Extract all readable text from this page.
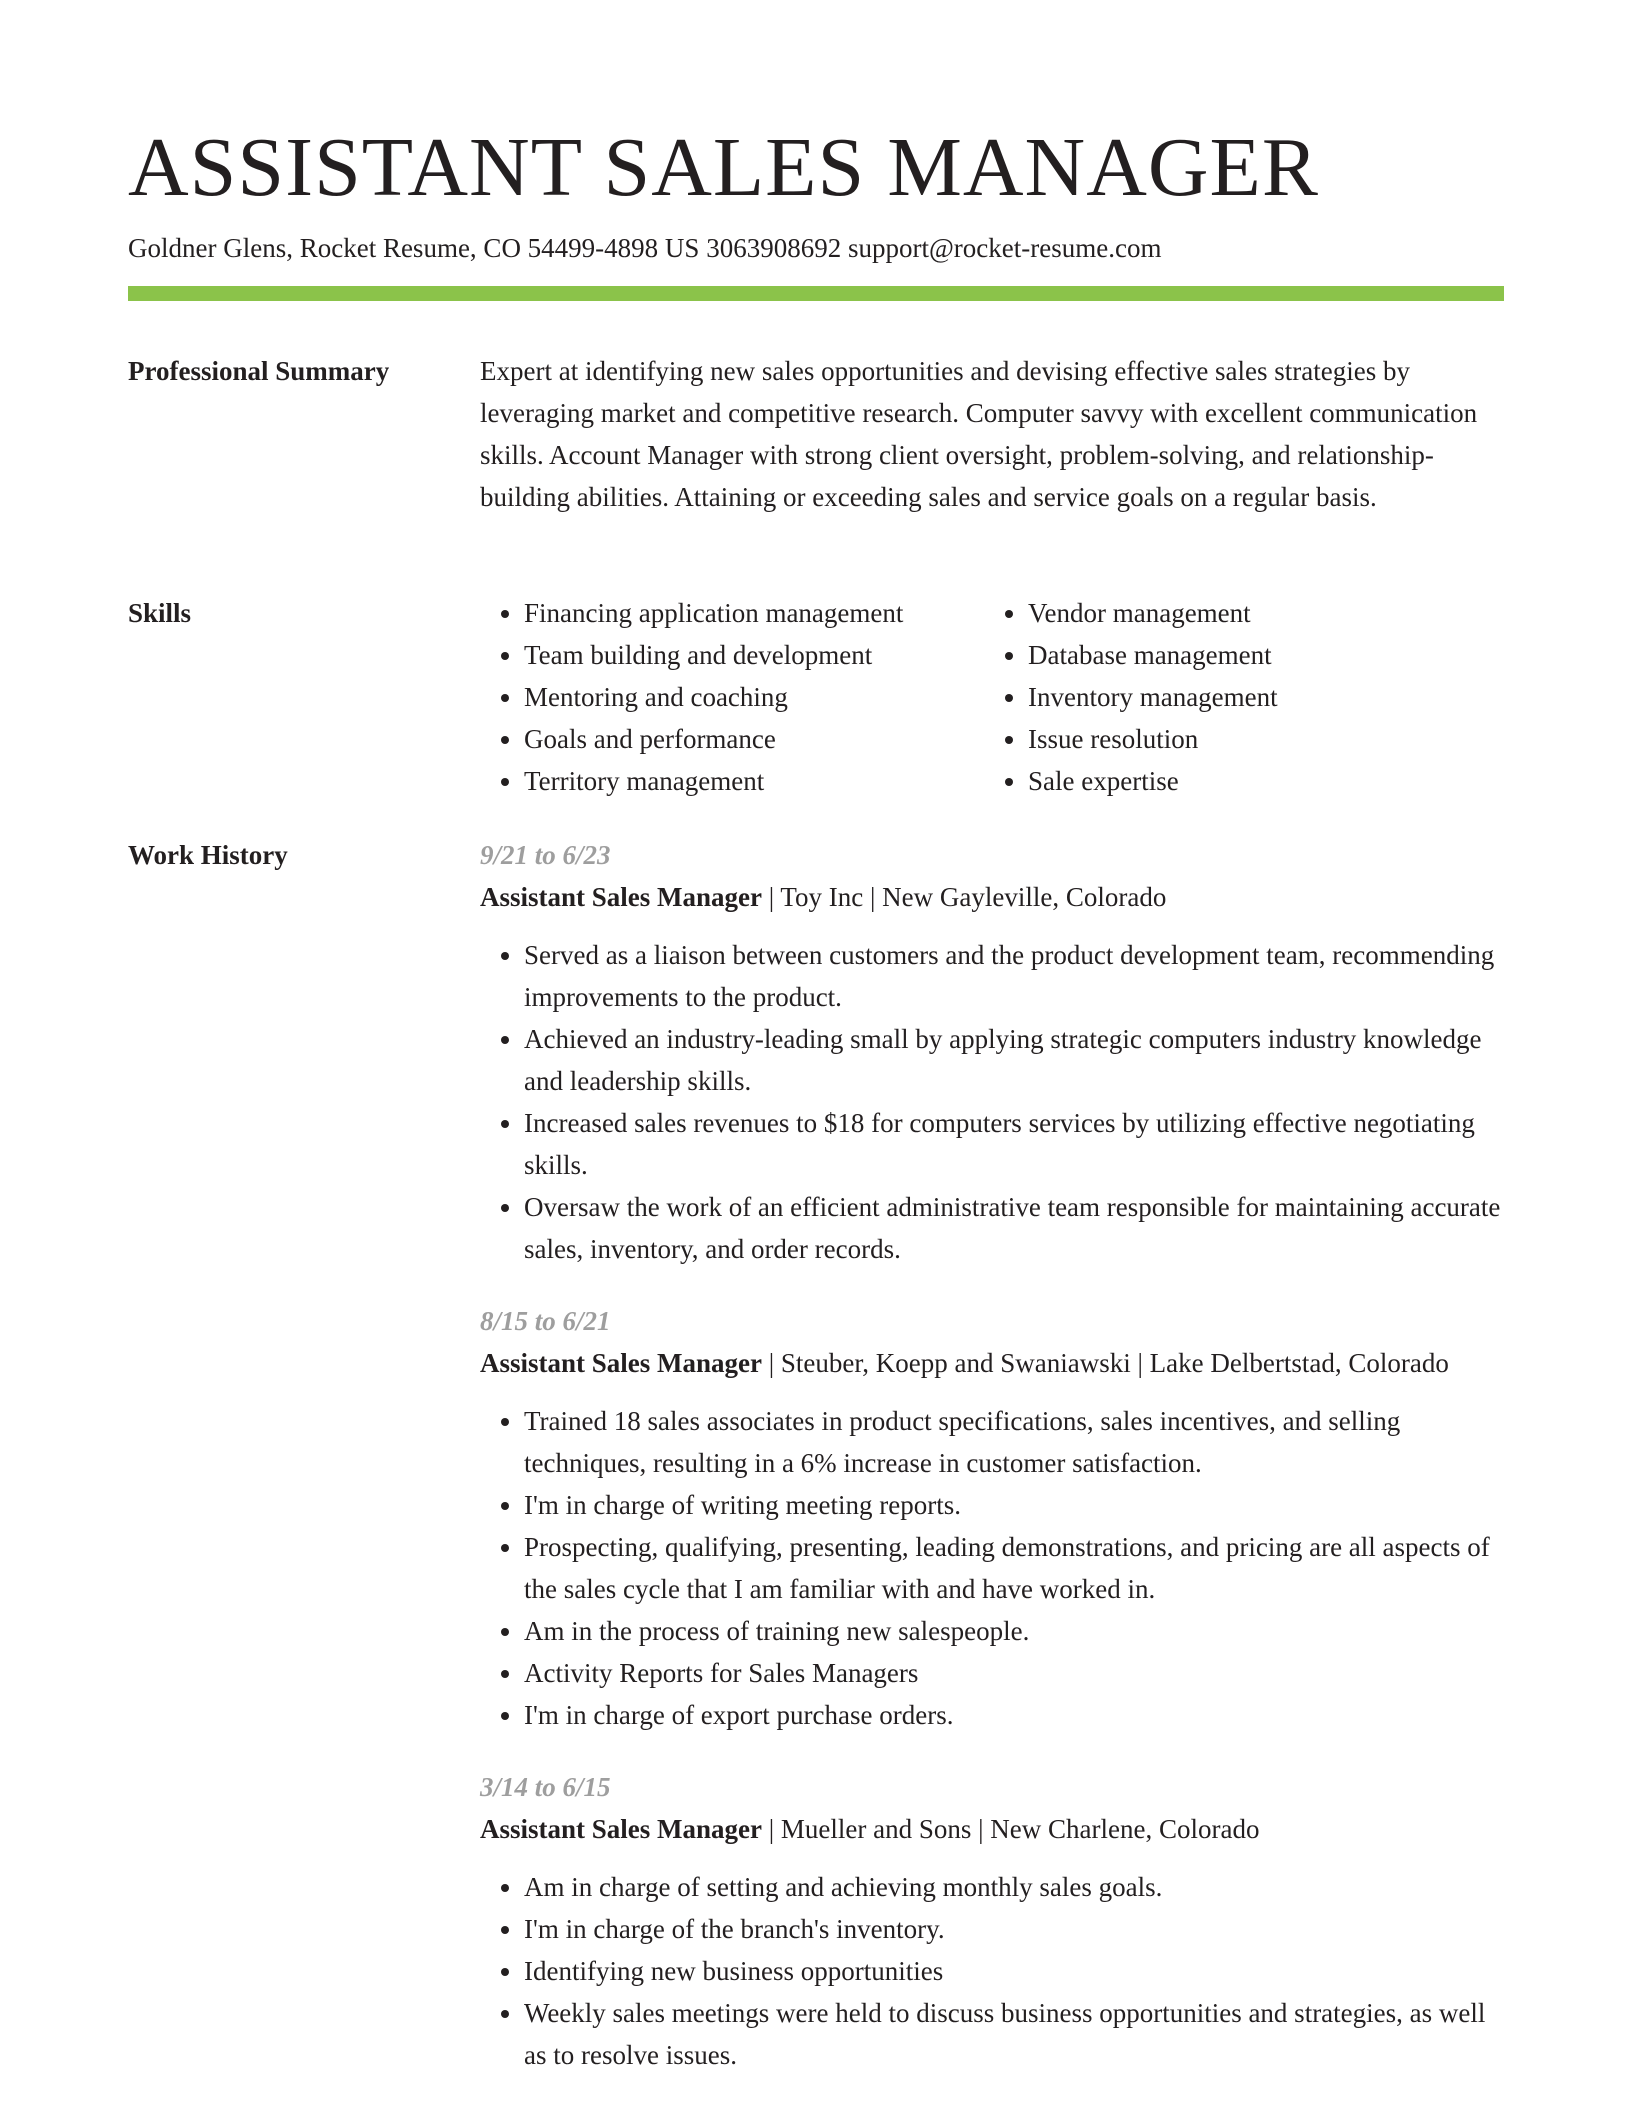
ASSISTANT SALES MANAGER
Goldner Glens, Rocket Resume, CO 54499-4898 US 3063908692 support@rocket-resume.com
Professional Summary	Expert at identifying new sales opportunities and devising effective sales strategies by leveraging market and competitive research. Computer savvy with excellent communication skills. Account Manager with strong client oversight, problem-solving, and relationship-building abilities. Attaining or exceeding sales and service goals on a regular basis.

Skills
•	Financing application management
• Team building and development
• Mentoring and coaching
• Goals and performance
• Territory management
• Vendor management
• Database management
• Inventory management
• Issue resolution
• Sale expertise
Work History	9/21 to 6/23
Assistant Sales Manager | Toy Inc | New Gayleville, Colorado
• Served as a liaison between customers and the product development team, recommending improvements to the product.
• Achieved an industry-leading small by applying strategic computers industry knowledge and leadership skills.
• Increased sales revenues to $18 for computers services by utilizing effective negotiating skills.
• Oversaw the work of an efficient administrative team responsible for maintaining accurate sales, inventory, and order records.
8/15 to 6/21
Assistant Sales Manager | Steuber, Koepp and Swaniawski | Lake Delbertstad, Colorado
• Trained 18 sales associates in product specifications, sales incentives, and selling techniques, resulting in a 6% increase in customer satisfaction.
• I'm in charge of writing meeting reports.
• Prospecting, qualifying, presenting, leading demonstrations, and pricing are all aspects of the sales cycle that I am familiar with and have worked in.
• Am in the process of training new salespeople.
• Activity Reports for Sales Managers
• I'm in charge of export purchase orders.
3/14 to 6/15
Assistant Sales Manager | Mueller and Sons | New Charlene, Colorado
• Am in charge of setting and achieving monthly sales goals.
• I'm in charge of the branch's inventory.
• Identifying new business opportunities
• Weekly sales meetings were held to discuss business opportunities and strategies, as well as to resolve issues.
